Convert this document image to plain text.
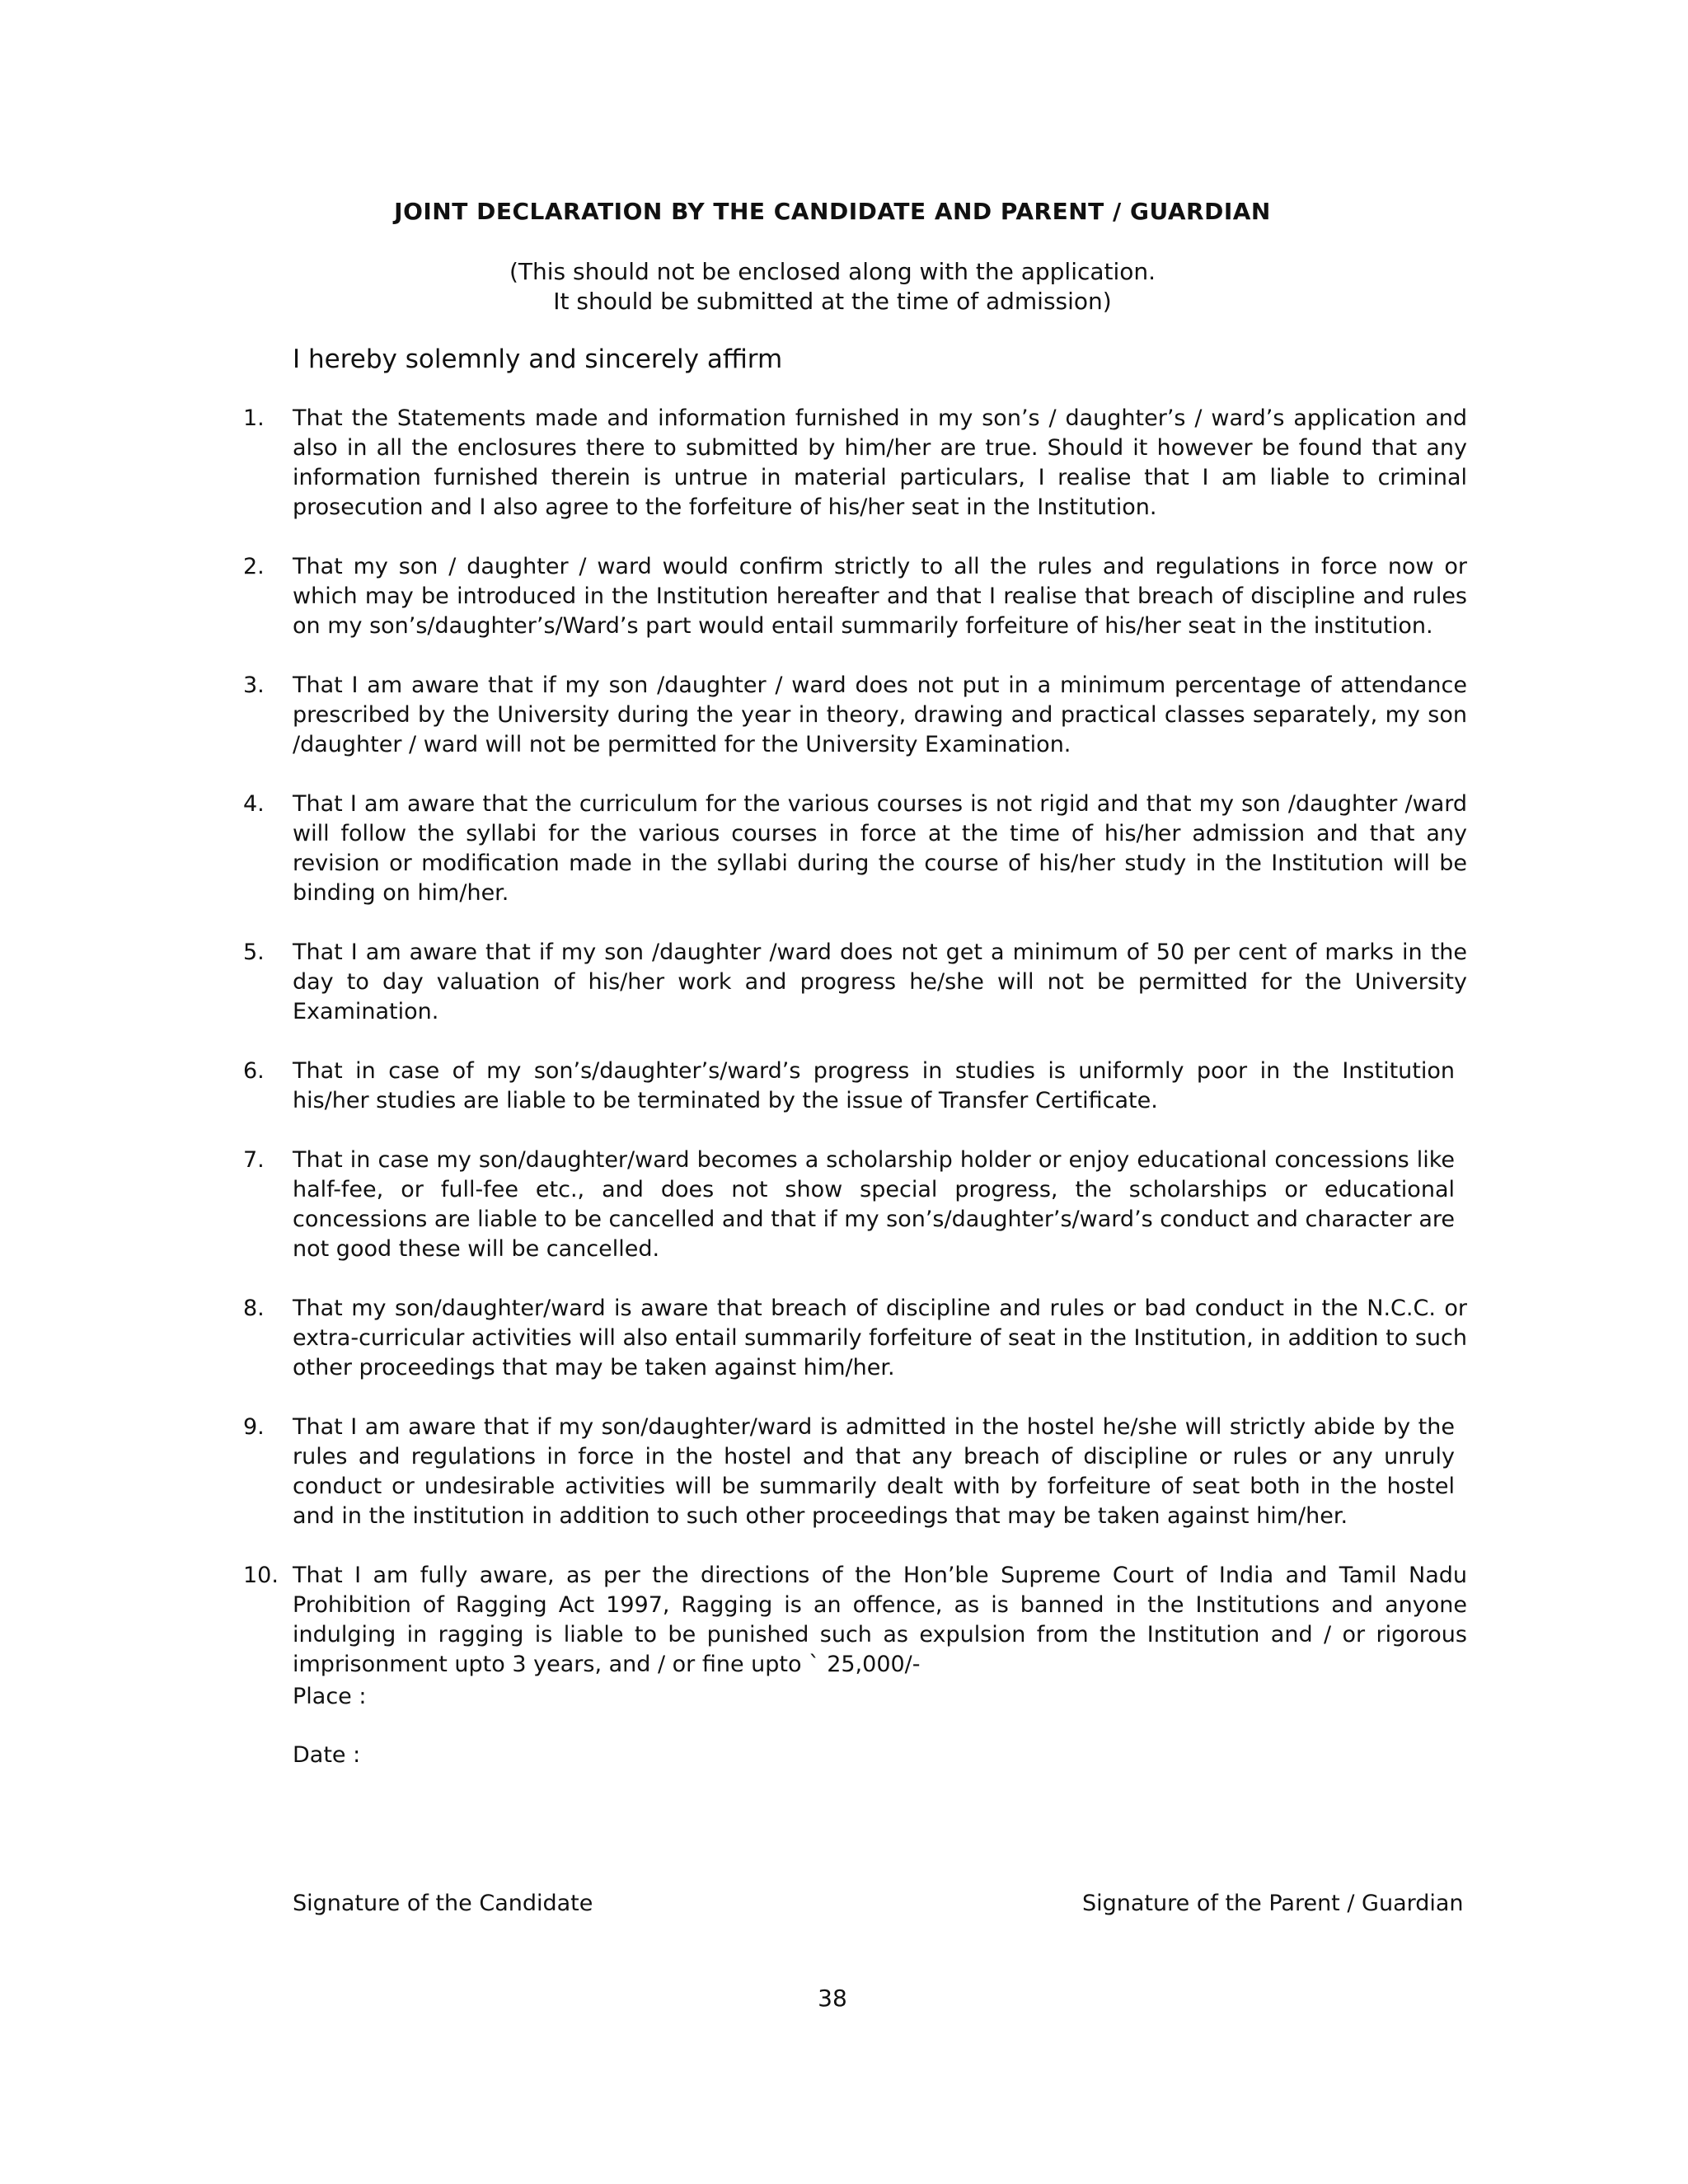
JOINT DECLARATION BY THE CANDIDATE AND PARENT / GUARDIAN
(This should not be enclosed along with the application.
It should be submitted at the time of admission)
I hereby solemnly and sincerely affirm
1. That the Statements made and information furnished in my son’s / daughter’s / ward’s application and also in all the enclosures there to submitted by him/her are true. Should it however be found that any information furnished therein is untrue in material particulars, I realise that I am liable to criminal prosecution and I also agree to the forfeiture of his/her seat in the Institution.
2. That my son / daughter / ward would confirm strictly to all the rules and regulations in force now or which may be introduced in the Institution hereafter and that I realise that breach of discipline and rules on my son’s/daughter’s/Ward’s part would entail summarily forfeiture of his/her seat in the institution.
3. That I am aware that if my son /daughter / ward does not put in a minimum percentage of attendance prescribed by the University during the year in theory, drawing and practical classes separately, my son /daughter / ward will not be permitted for the University Examination.
4. That I am aware that the curriculum for the various courses is not rigid and that my son /daughter /ward will follow the syllabi for the various courses in force at the time of his/her admission and that any revision or modification made in the syllabi during the course of his/her study in the Institution will be binding on him/her.
5. That I am aware that if my son /daughter /ward does not get a minimum of 50 per cent of marks in the day to day valuation of his/her work and progress he/she will not be permitted for the University Examination.
6. That in case of my son’s/daughter’s/ward’s progress in studies is uniformly poor in the Institution his/her studies are liable to be terminated by the issue of Transfer Certificate.
7. That in case my son/daughter/ward becomes a scholarship holder or enjoy educational concessions like half-fee, or full-fee etc., and does not show special progress, the scholarships or educational concessions are liable to be cancelled and that if my son’s/daughter’s/ward’s conduct and character are not good these will be cancelled.
8. That my son/daughter/ward is aware that breach of discipline and rules or bad conduct in the N.C.C. or extra-curricular activities will also entail summarily forfeiture of seat in the Institution, in addition to such other proceedings that may be taken against him/her.
9. That I am aware that if my son/daughter/ward is admitted in the hostel he/she will strictly abide by the rules and regulations in force in the hostel and that any breach of discipline or rules or any unruly conduct or undesirable activities will be summarily dealt with by forfeiture of seat both in the hostel and in the institution in addition to such other proceedings that may be taken against him/her.
10. That I am fully aware, as per the directions of the Hon’ble Supreme Court of India and Tamil Nadu Prohibition of Ragging Act 1997, Ragging is an offence, as is banned in the Institutions and anyone indulging in ragging is liable to be punished such as expulsion from the Institution and / or rigorous imprisonment upto 3 years, and / or fine upto ` 25,000/-
Place :
Date :
Signature of the Candidate	Signature of the Parent / Guardian
38
